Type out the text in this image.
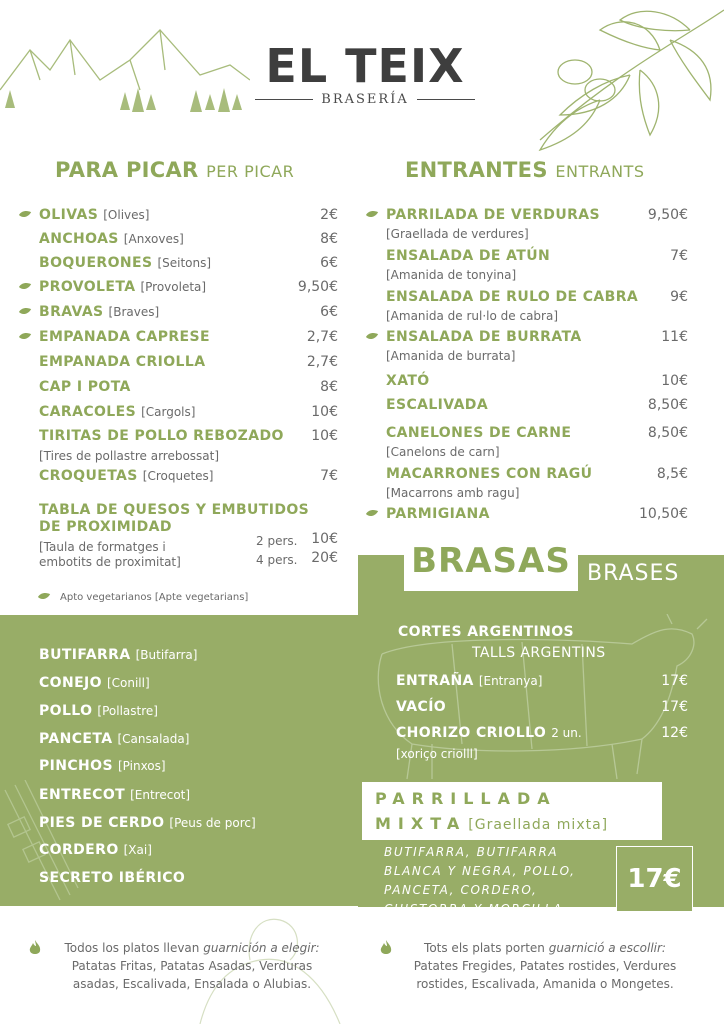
EL TEIX
BRASERÍA
PARA PICAR PER PICAR	ENTRANTES ENTRANTS
OLIVAS [Olives]	2€
ANCHOAS [Anxoves]	8€
BOQUERONES [Seitons]	6€
PROVOLETA [Provoleta]	9,50€
BRAVAS [Braves]	6€
EMPANADA CAPRESE	2,7€
EMPANADA CRIOLLA	2,7€
CAP I POTA	8€
CARACOLES [Cargols]	10€
TIRITAS DE POLLO REBOZADO 10€
[Tires de pollastre arrebossat]
CROQUETAS [Croquetes]	7€
TABLA DE QUESOS Y EMBUTIDOS
DE PROXIMIDAD
[Taula de formatges i
embotits de proximitat]
2 pers. 10€
4 pers. 20€
Apto vegetarianos [Apte vegetarians]
PARRILADA DE VERDURAS	9,50€
[Graellada de verdures]
ENSALADA DE ATÚN	7€
[Amanida de tonyina]
ENSALADA DE RULO DE CABRA 9€
[Amanida de rul·lo de cabra]
ENSALADA DE BURRATA	11€
[Amanida de burrata]
XATÓ	10€
ESCALIVADA	8,50€
CANELONES DE CARNE	8,50€
[Canelons de carn]
MACARRONES CON RAGÚ	8,5€
[Macarrons amb ragu]
PARMIGIANA	10,50€
BRASAS BRASES
BUTIFARRA [Butifarra]
CONEJO [Conill]
POLLO [Pollastre]
PANCETA [Cansalada]
PINCHOS [Pinxos]
ENTRECOT [Entrecot]
PIES DE CERDO [Peus de porc]
CORDERO [Xai]
SECRETO IBÉRICO
CORTES ARGENTINOS
TALLS ARGENTINS
ENTRAÑA [Entranya]	17€
VACÍO	17€
CHORIZO CRIOLLO 2 un.	12€
[xoriço criolll]
PARRILLADA
MIXTA [Graellada mixta]
BUTIFARRA, BUTIFARRA
BLANCA Y NEGRA, POLLO,
PANCETA, CORDERO,
CHISTORRA Y MORCILLA.
17€
Todos los platos llevan guarnición a elegir:
Patatas Fritas, Patatas Asadas, Verduras
asadas, Escalivada, Ensalada o Alubias.
Tots els plats porten guarnició a escollir:
Patates Fregides, Patates rostides, Verdures
rostides, Escalivada, Amanida o Mongetes.
